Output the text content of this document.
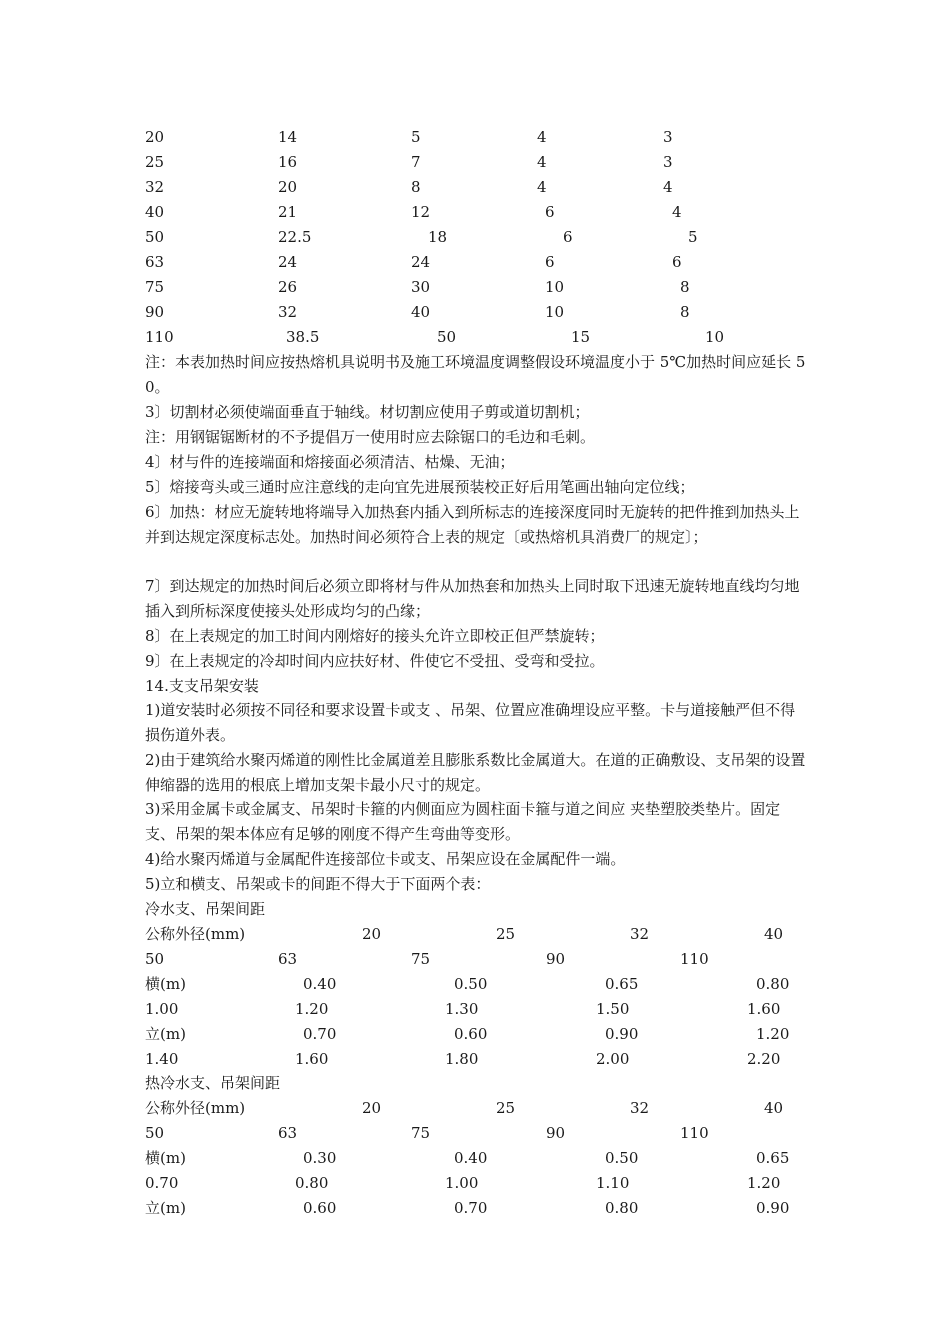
20	14	5	4	3
25	16	7	4	3
32	20	8	4	4
40	21	12	6	4
50	22.5	18	6	5
63	24	24	6	6
75	26	30	10	8
90	32	40	10	8
110	38.5	50	15	10
注：本表加热时间应按热熔机具说明书及施工环境温度调整假设环境温度小于 5℃加热时间应延长 50。
3〕切割材必须使端面垂直于轴线。材切割应使用子剪或道切割机；
注：用钢锯锯断材的不予提倡万一使用时应去除锯口的毛边和毛刺。
4〕材与件的连接端面和熔接面必须清洁、枯燥、无油；
5〕熔接弯头或三通时应注意线的走向宜先进展预装校正好后用笔画出轴向定位线；
6〕加热：材应无旋转地将端导入加热套内插入到所标志的连接深度同时无旋转的把件推到加热头上并到达规定深度标志处。加热时间必须符合上表的规定〔或热熔机具消费厂的规定〕；
7〕到达规定的加热时间后必须立即将材与件从加热套和加热头上同时取下迅速无旋转地直线均匀地插入到所标深度使接头处形成均匀的凸缘；
8〕在上表规定的加工时间内刚熔好的接头允许立即校正但严禁旋转；
9〕在上表规定的冷却时间内应扶好材、件使它不受扭、受弯和受拉。
14.支支吊架安装
1)道安装时必须按不同径和要求设置卡或支 、吊架、位置应准确埋设应平整。卡与道接触严但不得损伤道外表。
2)由于建筑给水聚丙烯道的刚性比金属道差且膨胀系数比金属道大。在道的正确敷设、支吊架的设置伸缩器的选用的根底上增加支架卡最小尺寸的规定。
3)采用金属卡或金属支、吊架时卡箍的内侧面应为圆柱面卡箍与道之间应 夹垫塑胶类垫片。固定支、吊架的架本体应有足够的刚度不得产生弯曲等变形。
4)给水聚丙烯道与金属配件连接部位卡或支、吊架应设在金属配件一端。
5)立和横支、吊架或卡的间距不得大于下面两个表：
冷水支、吊架间距
公称外径(mm)	20	25	32	40
50	63	75	90	110
横(m)	0.40	0.50	0.65	0.80
1.00	1.20	1.30	1.50	1.60
立(m)	0.70	0.60	0.90	1.20
1.40	1.60	1.80	2.00	2.20
热冷水支、吊架间距
公称外径(mm)	20	25	32	40
50	63	75	90	110
横(m)	0.30	0.40	0.50	0.65
0.70	0.80	1.00	1.10	1.20
立(m)	0.60	0.70	0.80	0.90
